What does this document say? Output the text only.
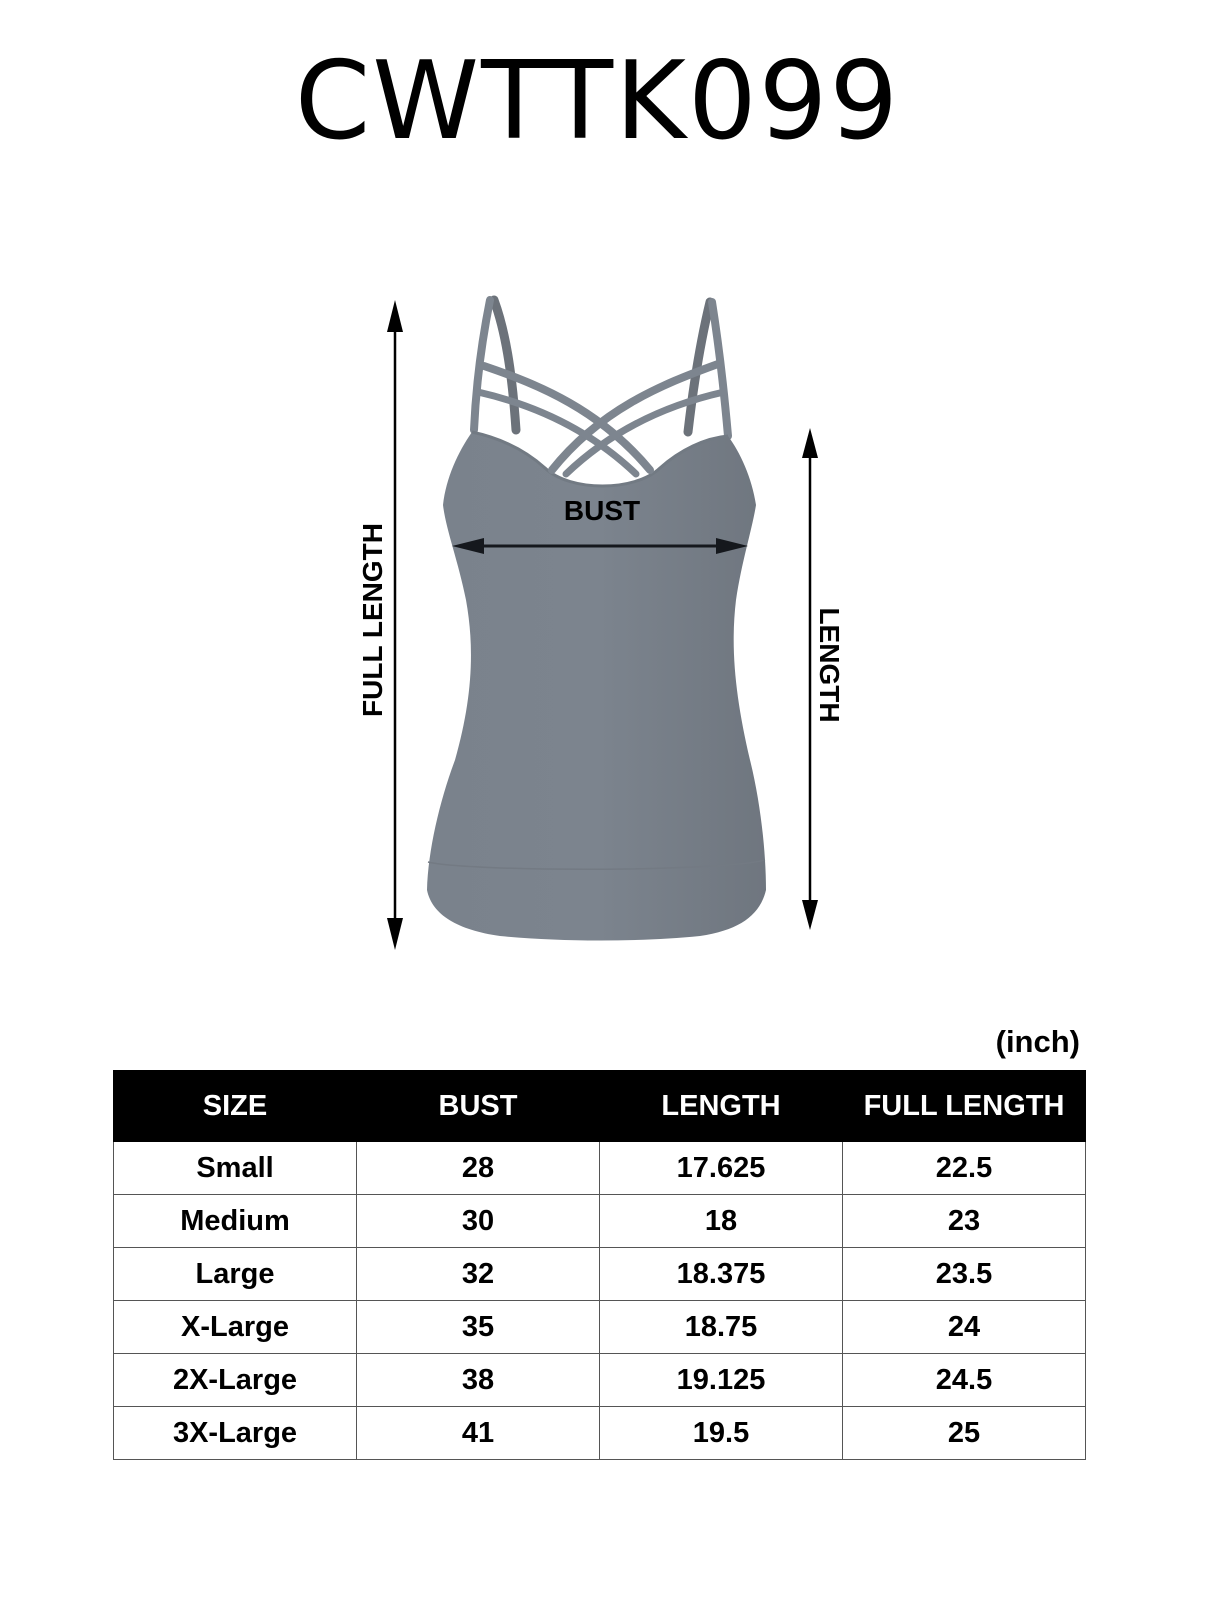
CWTTK099
FULL LENGTH	LENGTH
BUST
(inch)
SIZE	BUST	LENGTH	FULL LENGTH
Small	28	17.625	22.5
Medium	30	18	23
Large	32	18.375	23.5
X-Large	35	18.75	24
2X-Large	38	19.125	24.5
3X-Large	41	19.5	25
